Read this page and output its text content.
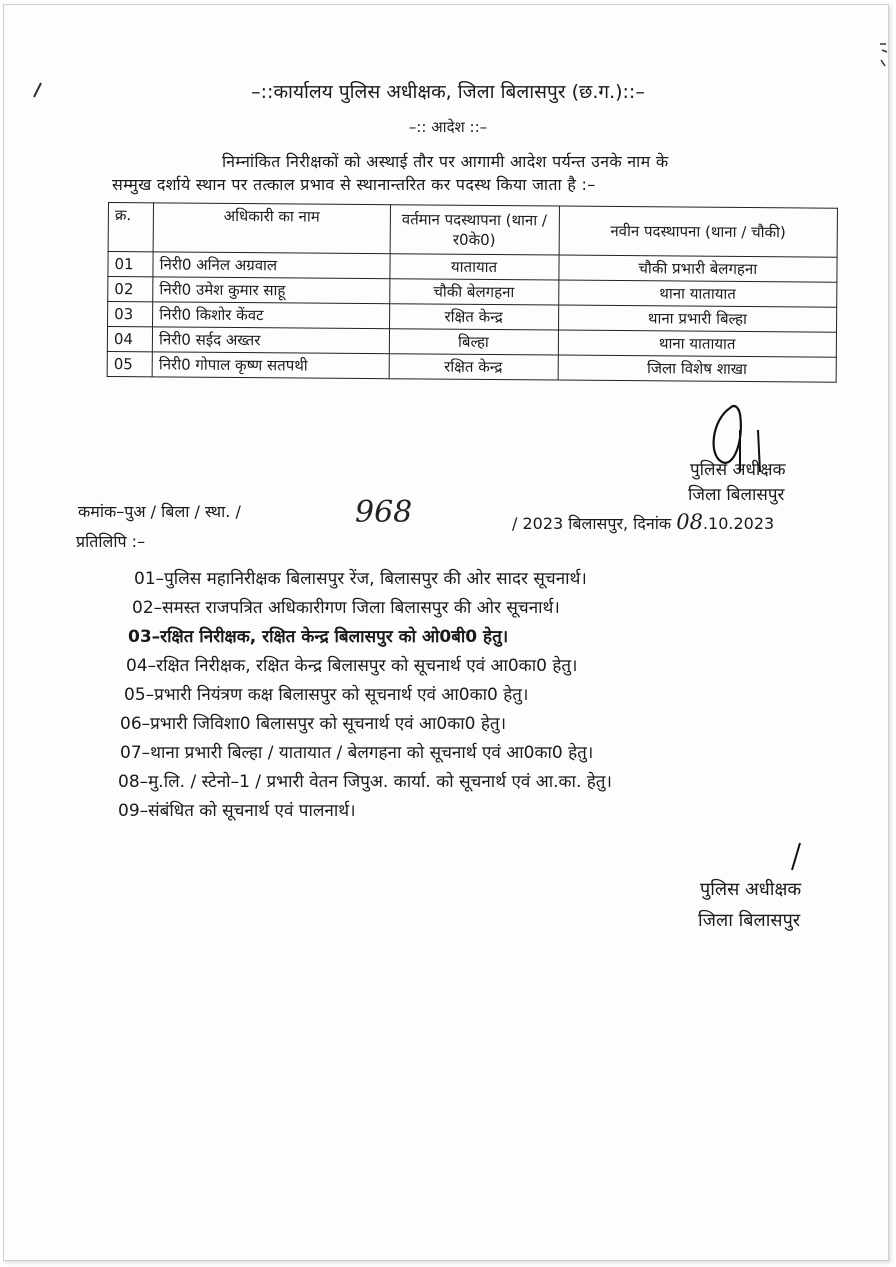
–::कार्यालय पुलिस अधीक्षक, जिला बिलासपुर (छ.ग.)::–
–:: आदेश ::–
निम्नांकित निरीक्षकों को अस्थाई तौर पर आगामी आदेश पर्यन्त उनके नाम के
सम्मुख दर्शाये स्थान पर तत्काल प्रभाव से स्थानान्तरित कर पदस्थ किया जाता है :–
क्र.	अधिकारी का नाम	वर्तमान पदस्थापना (थाना / र0के0)	नवीन पदस्थापना (थाना / चौकी)
01	निरी0 अनिल अग्रवाल	यातायात	चौकी प्रभारी बेलगहना
02	निरी0 उमेश कुमार साहू	चौकी बेलगहना	थाना यातायात
03	निरी0 किशोर केंवट	रक्षित केन्द्र	थाना प्रभारी बिल्हा
04	निरी0 सईद अख्तर	बिल्हा	थाना यातायात
05	निरी0 गोपाल कृष्ण सतपथी	रक्षित केन्द्र	जिला विशेष शाखा
पुलिस अधीक्षक
जिला बिलासपुर
कमांक–पुअ / बिला / स्था. /	968	/ 2023 बिलासपुर, दिनांक 08.10.2023
प्रतिलिपि :–
01–पुलिस महानिरीक्षक बिलासपुर रेंज, बिलासपुर की ओर सादर सूचनार्थ।
02–समस्त राजपत्रित अधिकारीगण जिला बिलासपुर की ओर सूचनार्थ।
03–रक्षित निरीक्षक, रक्षित केन्द्र बिलासपुर को ओ0बी0 हेतु।
04–रक्षित निरीक्षक, रक्षित केन्द्र बिलासपुर को सूचनार्थ एवं आ0का0 हेतु।
05–प्रभारी नियंत्रण कक्ष बिलासपुर को सूचनार्थ एवं आ0का0 हेतु।
06–प्रभारी जिविशा0 बिलासपुर को सूचनार्थ एवं आ0का0 हेतु।
07–थाना प्रभारी बिल्हा / यातायात / बेलगहना को सूचनार्थ एवं आ0का0 हेतु।
08–मु.लि. / स्टेनो–1 / प्रभारी वेतन जिपुअ. कार्या. को सूचनार्थ एवं आ.का. हेतु।
09–संबंधित को सूचनार्थ एवं पालनार्थ।
पुलिस अधीक्षक
जिला बिलासपुर
